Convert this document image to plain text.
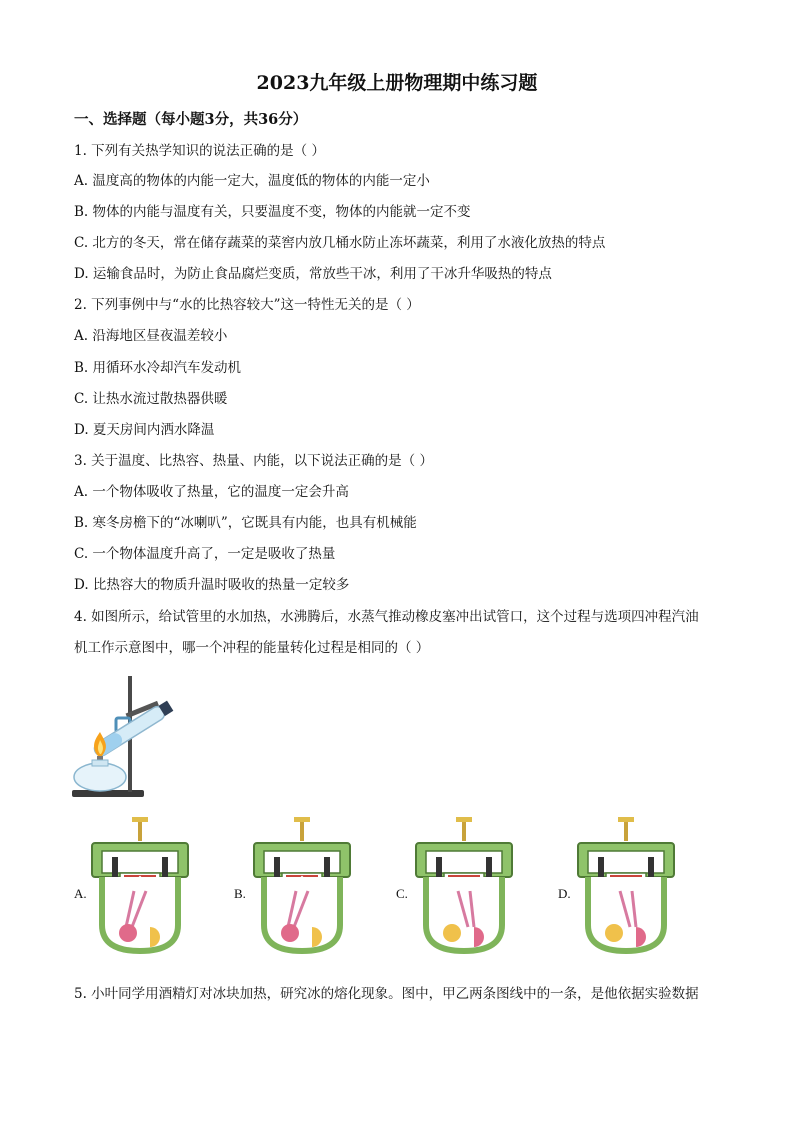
2023九年级上册物理期中练习题
一、选择题（每小题3分，共36分）
1. 下列有关热学知识的说法正确的是（ ）
A. 温度高的物体的内能一定大，温度低的物体的内能一定小
B. 物体的内能与温度有关，只要温度不变，物体的内能就一定不变
C. 北方的冬天，常在储存蔬菜的菜窖内放几桶水防止冻坏蔬菜，利用了水液化放热的特点
D. 运输食品时，为防止食品腐烂变质，常放些干冰，利用了干冰升华吸热的特点
2. 下列事例中与“水的比热容较大”这一特性无关的是（ ）
A. 沿海地区昼夜温差较小
B. 用循环水冷却汽车发动机
C. 让热水流过散热器供暖
D. 夏天房间内洒水降温
3. 关于温度、比热容、热量、内能，以下说法正确的是（ ）
A. 一个物体吸收了热量，它的温度一定会升高
B. 寒冬房檐下的“冰喇叭”，它既具有内能，也具有机械能
C. 一个物体温度升高了，一定是吸收了热量
D. 比热容大的物质升温时吸收的热量一定较多
4. 如图所示，给试管里的水加热，水沸腾后，水蒸气推动橡皮塞冲出试管口，这个过程与选项四冲程汽油
机工作示意图中，哪一个冲程的能量转化过程是相同的（ ）
A.	B.	C.	D.
5. 小叶同学用酒精灯对冰块加热，研究冰的熔化现象。图中，甲乙两条图线中的一条，是他依据实验数据
